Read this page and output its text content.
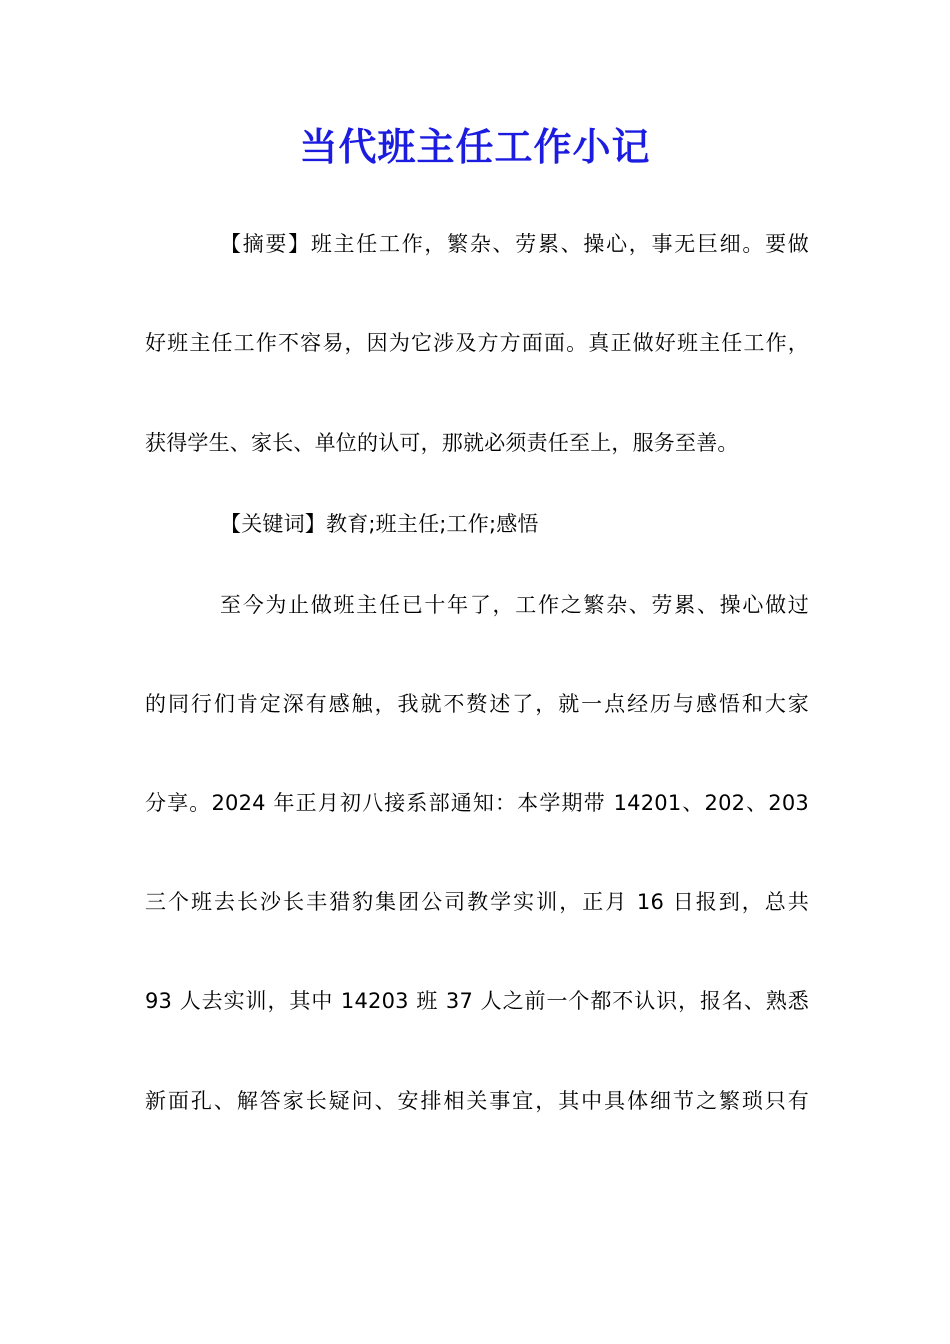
当代班主任工作小记
【摘要】班主任工作，繁杂、劳累、操心，事无巨细。要做
好班主任工作不容易，因为它涉及方方面面。真正做好班主任工作，
获得学生、家长、单位的认可，那就必须责任至上，服务至善。
【关键词】教育;班主任;工作;感悟
至今为止做班主任已十年了，工作之繁杂、劳累、操心做过
的同行们肯定深有感触，我就不赘述了，就一点经历与感悟和大家
分享。2024 年正月初八接系部通知：本学期带 14201、202、203
三个班去长沙长丰猎豹集团公司教学实训，正月 16 日报到，总共
93 人去实训，其中 14203 班 37 人之前一个都不认识，报名、熟悉
新面孔、解答家长疑问、安排相关事宜，其中具体细节之繁琐只有
